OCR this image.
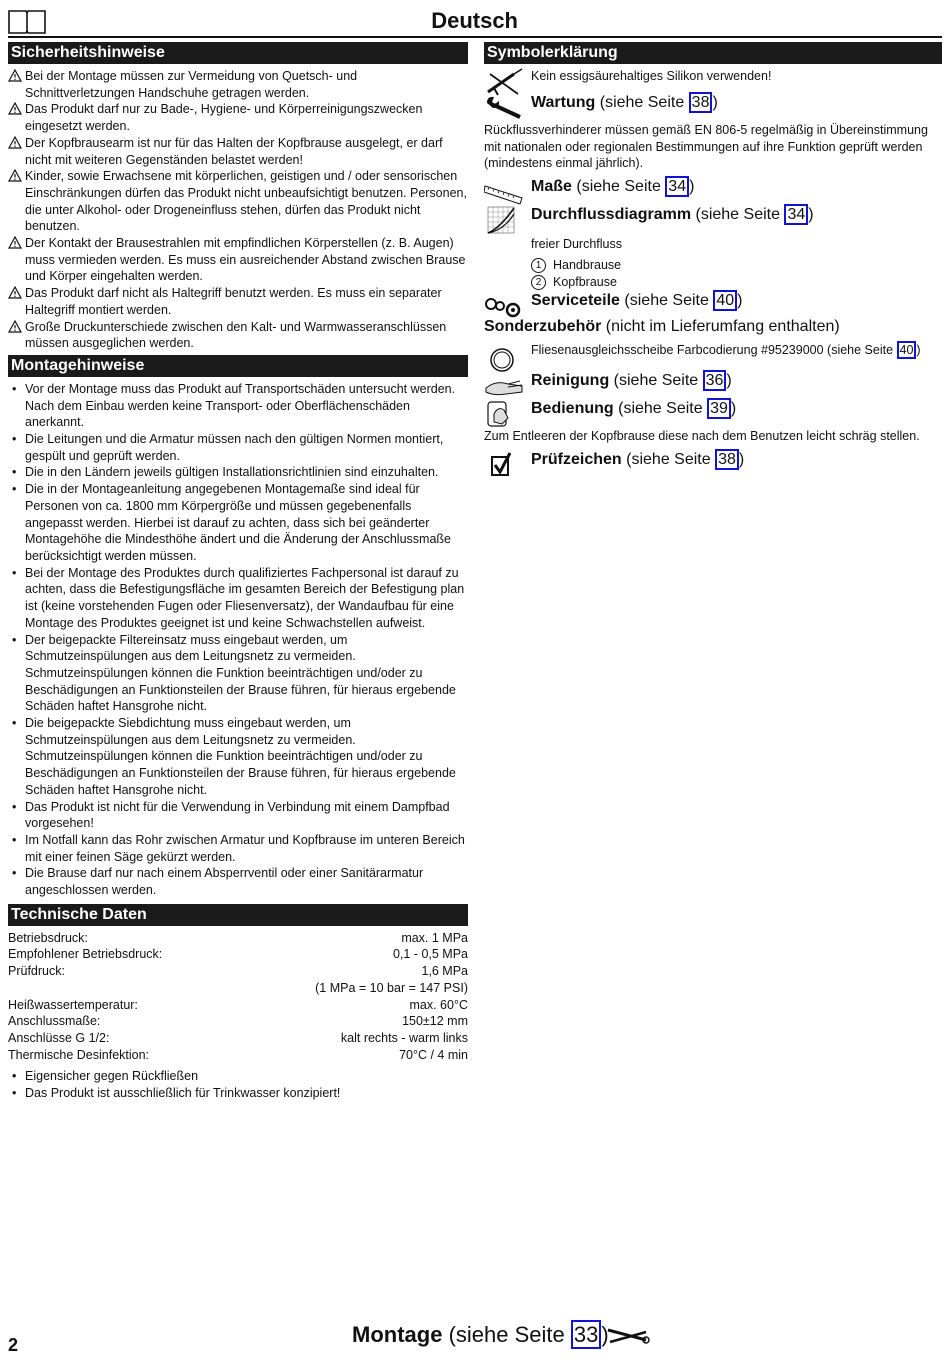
Deutsch
Sicherheitshinweise
Bei der Montage müssen zur Vermeidung von Quetsch- und Schnittverletzungen Handschuhe getragen werden.
Das Produkt darf nur zu Bade-, Hygiene- und Körperreinigungszwecken eingesetzt werden.
Der Kopfbrausearm ist nur für das Halten der Kopfbrause ausgelegt, er darf nicht mit weiteren Gegenständen belastet werden!
Kinder, sowie Erwachsene mit körperlichen, geistigen und / oder sensorischen Einschränkungen dürfen das Produkt nicht unbeaufsichtigt benutzen. Personen, die unter Alkohol- oder Drogeneinfluss stehen, dürfen das Produkt nicht benutzen.
Der Kontakt der Brausestrahlen mit empfindlichen Körperstellen (z. B. Augen) muss vermieden werden. Es muss ein ausreichender Abstand zwischen Brause und Körper eingehalten werden.
Das Produkt darf nicht als Haltegriff benutzt werden. Es muss ein separater Haltegriff montiert werden.
Große Druckunterschiede zwischen den Kalt- und Warmwasseranschlüssen müssen ausgeglichen werden.
Montagehinweise
• Vor der Montage muss das Produkt auf Transportschäden untersucht werden. Nach dem Einbau werden keine Transport- oder Oberflächenschäden anerkannt.
• Die Leitungen und die Armatur müssen nach den gültigen Normen montiert, gespült und geprüft werden.
• Die in den Ländern jeweils gültigen Installationsrichtlinien sind einzuhalten.
• Die in der Montageanleitung angegebenen Montagemaße sind ideal für Personen von ca. 1800 mm Körpergröße und müssen gegebenenfalls angepasst werden. Hierbei ist darauf zu achten, dass sich bei geänderter Montagehöhe die Mindesthöhe ändert und die Änderung der Anschlussmaße berücksichtigt werden müssen.
• Bei der Montage des Produktes durch qualifiziertes Fachpersonal ist darauf zu achten, dass die Befestigungsfläche im gesamten Bereich der Befestigung plan ist (keine vorstehenden Fugen oder Fliesenversatz), der Wandaufbau für eine Montage des Produktes geeignet ist und keine Schwachstellen aufweist.
• Der beigepackte Filtereinsatz muss eingebaut werden, um Schmutzeinspülungen aus dem Leitungsnetz zu vermeiden. Schmutzeinspülungen können die Funktion beeinträchtigen und/oder zu Beschädigungen an Funktionsteilen der Brause führen, für hieraus ergebende Schäden haftet Hansgrohe nicht.
• Die beigepackte Siebdichtung muss eingebaut werden, um Schmutzeinspülungen aus dem Leitungsnetz zu vermeiden. Schmutzeinspülungen können die Funktion beeinträchtigen und/oder zu Beschädigungen an Funktionsteilen der Brause führen, für hieraus ergebende Schäden haftet Hansgrohe nicht.
• Das Produkt ist nicht für die Verwendung in Verbindung mit einem Dampfbad vorgesehen!
• Im Notfall kann das Rohr zwischen Armatur und Kopfbrause im unteren Bereich mit einer feinen Säge gekürzt werden.
• Die Brause darf nur nach einem Absperrventil oder einer Sanitärarmatur angeschlossen werden.
Technische Daten
Betriebsdruck:	max. 1 MPa
Empfohlener Betriebsdruck:	0,1 - 0,5 MPa
Prüfdruck:	1,6 MPa
	(1 MPa = 10 bar = 147 PSI)
Heißwassertemperatur:	max. 60°C
Anschlussmaße:	150±12 mm
Anschlüsse G 1/2:	kalt rechts - warm links
Thermische Desinfektion:	70°C / 4 min
• Eigensicher gegen Rückfließen
• Das Produkt ist ausschließlich für Trinkwasser konzipiert!
Symbolerklärung
Kein essigsäurehaltiges Silikon verwenden!
Wartung (siehe Seite 38 )
Rückflussverhinderer müssen gemäß EN 806-5 regelmäßig in Übereinstimmung mit nationalen oder regionalen Bestimmungen auf ihre Funktion geprüft werden (mindestens einmal jährlich).
Maße (siehe Seite 34 )
Durchflussdiagramm (siehe Seite 34 )
freier Durchfluss
1 Handbrause
2 Kopfbrause
Serviceteile (siehe Seite 40 )
Sonderzubehör (nicht im Lieferumfang enthalten)
Fliesenausgleichsscheibe Farbcodierung #95239000 (siehe Seite 40 )
Reinigung (siehe Seite 36 )
Bedienung (siehe Seite 39 )
Zum Entleeren der Kopfbrause diese nach dem Benutzen leicht schräg stellen.
Prüfzeichen (siehe Seite 38 )
2	Montage (siehe Seite 33 )
